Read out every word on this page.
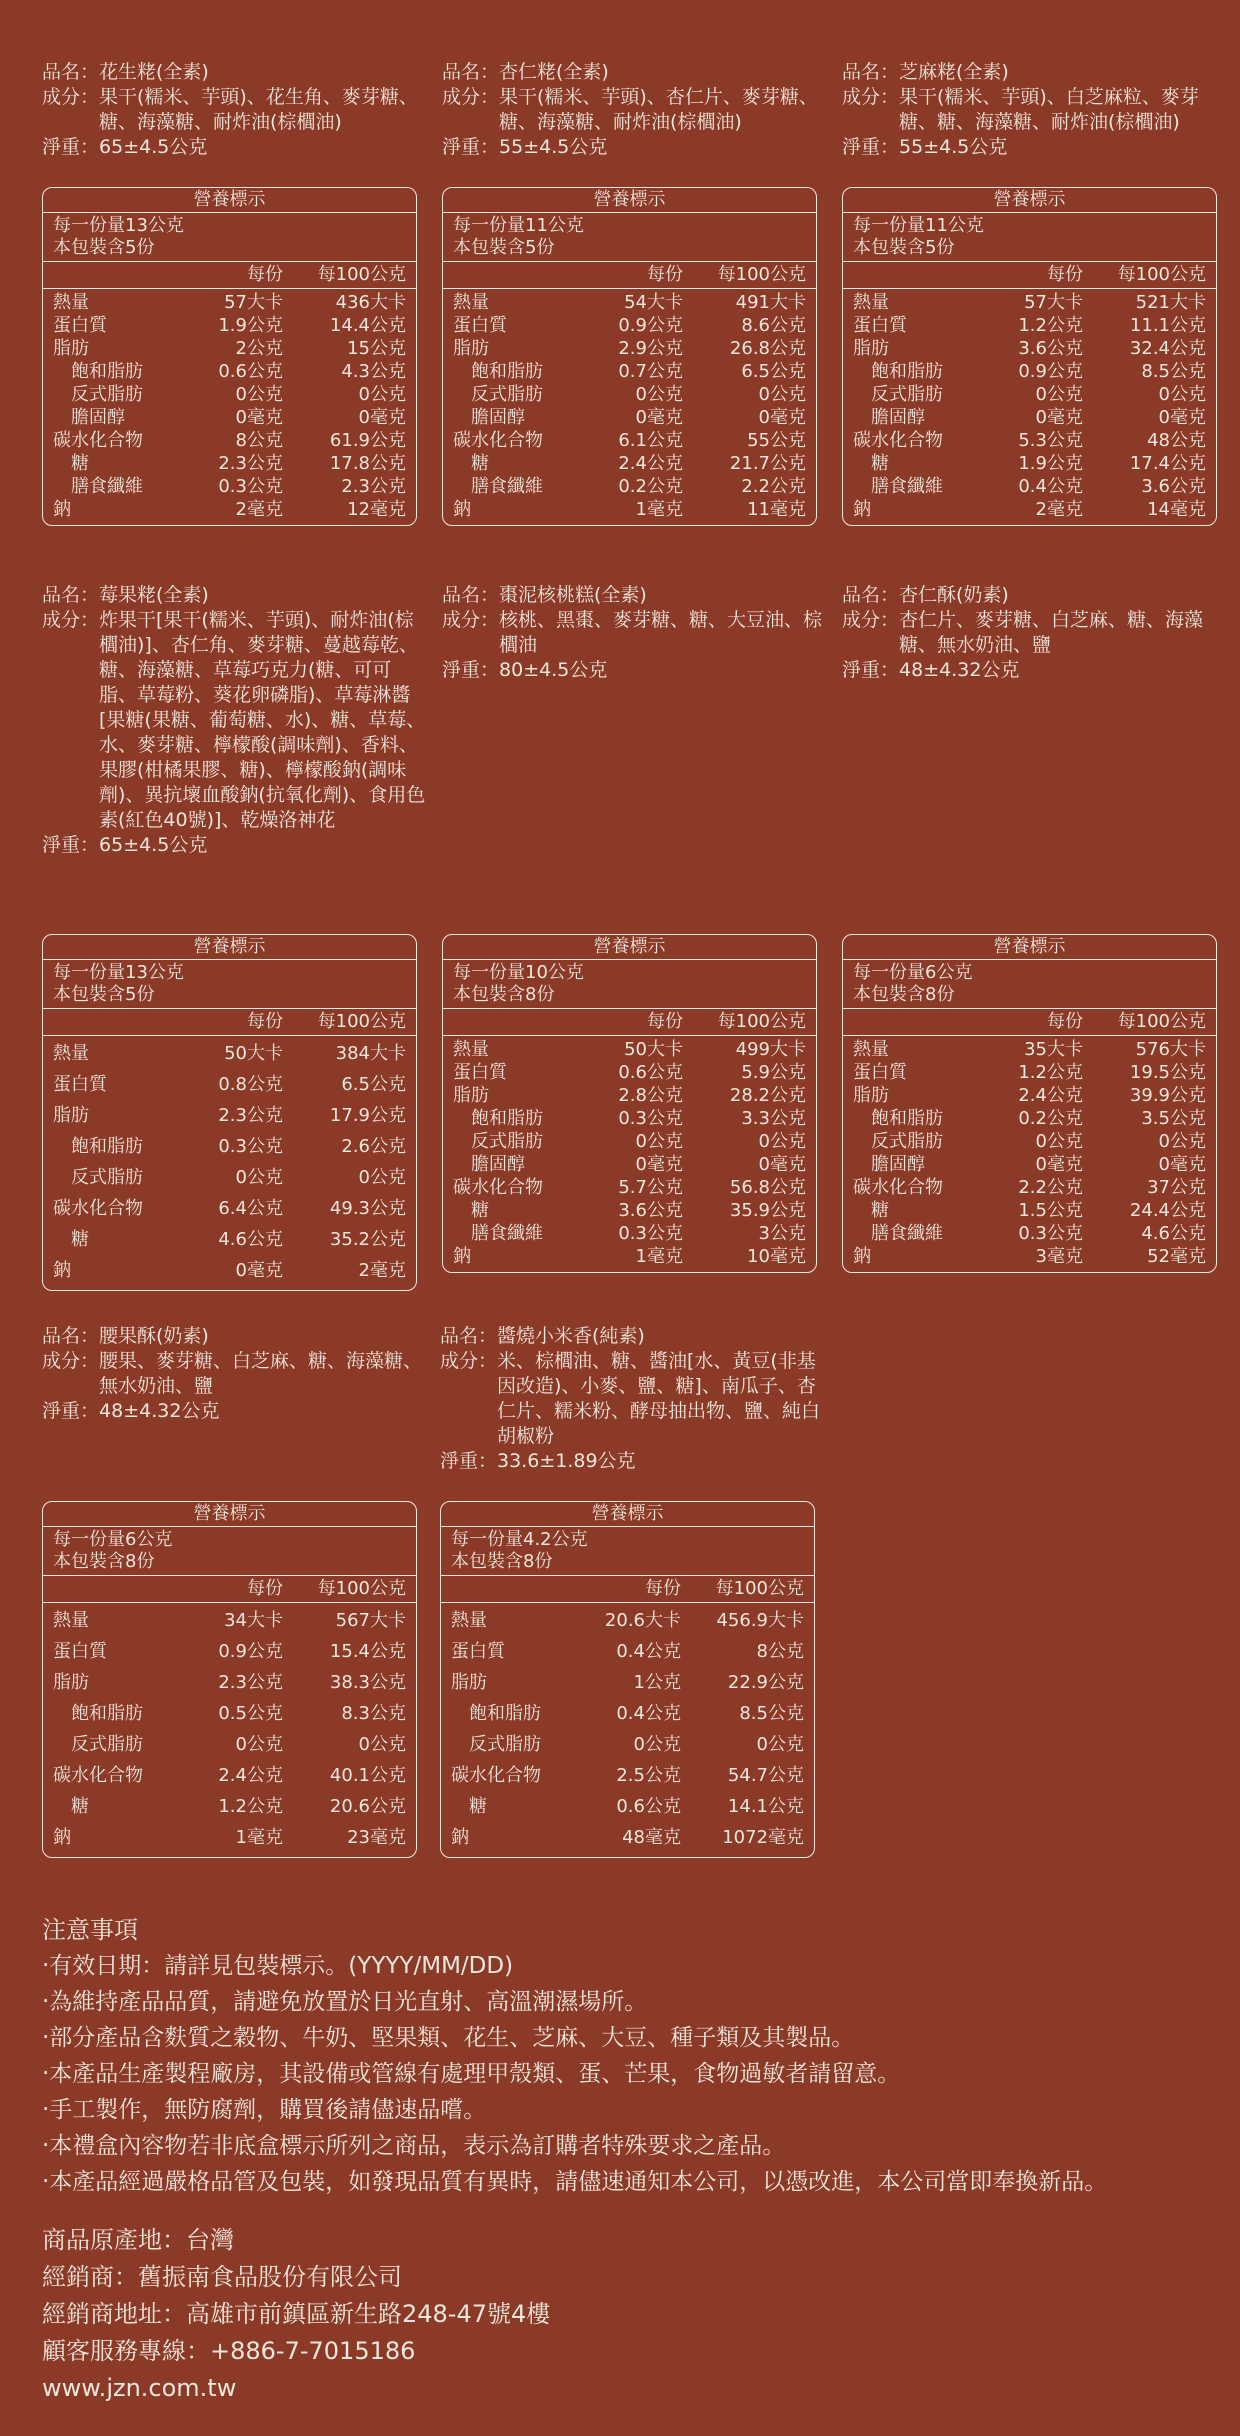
品名： 花生粩(全素)
成分： 果干(糯米、芋頭)、花生角、麥芽糖、糖、海藻糖、耐炸油(棕櫚油)
淨重： 65±4.5公克
營養標示
每一份量13公克
本包裝含5份
每份	每100公克
熱量	57大卡	436大卡
蛋白質	1.9公克	14.4公克
脂肪	2公克	15公克
飽和脂肪	0.6公克	4.3公克
反式脂肪	0公克	0公克
膽固醇	0毫克	0毫克
碳水化合物	8公克	61.9公克
糖	2.3公克	17.8公克
膳食纖維	0.3公克	2.3公克
鈉	2毫克	12毫克
品名： 杏仁粩(全素)
成分： 果干(糯米、芋頭)、杏仁片、麥芽糖、糖、海藻糖、耐炸油(棕櫚油)
淨重： 55±4.5公克
營養標示
每一份量11公克
本包裝含5份
每份	每100公克
熱量	54大卡	491大卡
蛋白質	0.9公克	8.6公克
脂肪	2.9公克	26.8公克
飽和脂肪	0.7公克	6.5公克
反式脂肪	0公克	0公克
膽固醇	0毫克	0毫克
碳水化合物	6.1公克	55公克
糖	2.4公克	21.7公克
膳食纖維	0.2公克	2.2公克
鈉	1毫克	11毫克
品名： 芝麻粩(全素)
成分： 果干(糯米、芋頭)、白芝麻粒、麥芽糖、糖、海藻糖、耐炸油(棕櫚油)
淨重： 55±4.5公克
營養標示
每一份量11公克
本包裝含5份
每份	每100公克
熱量	57大卡	521大卡
蛋白質	1.2公克	11.1公克
脂肪	3.6公克	32.4公克
飽和脂肪	0.9公克	8.5公克
反式脂肪	0公克	0公克
膽固醇	0毫克	0毫克
碳水化合物	5.3公克	48公克
糖	1.9公克	17.4公克
膳食纖維	0.4公克	3.6公克
鈉	2毫克	14毫克
品名： 莓果粩(全素)
成分： 炸果干[果干(糯米、芋頭)、耐炸油(棕櫚油)]、杏仁角、麥芽糖、蔓越莓乾、糖、海藻糖、草莓巧克力(糖、可可脂、草莓粉、葵花卵磷脂)、草莓淋醬[果糖(果糖、葡萄糖、水)、糖、草莓、水、麥芽糖、檸檬酸(調味劑)、香料、果膠(柑橘果膠、糖)、檸檬酸鈉(調味劑)、異抗壞血酸鈉(抗氧化劑)、食用色素(紅色40號)]、乾燥洛神花
淨重： 65±4.5公克
營養標示
每一份量13公克
本包裝含5份
每份	每100公克
熱量	50大卡	384大卡
蛋白質	0.8公克	6.5公克
脂肪	2.3公克	17.9公克
飽和脂肪	0.3公克	2.6公克
反式脂肪	0公克	0公克
碳水化合物	6.4公克	49.3公克
糖	4.6公克	35.2公克
鈉	0毫克	2毫克
品名： 棗泥核桃糕(全素)
成分： 核桃、黑棗、麥芽糖、糖、大豆油、棕櫚油
淨重： 80±4.5公克
營養標示
每一份量10公克
本包裝含8份
每份	每100公克
熱量	50大卡	499大卡
蛋白質	0.6公克	5.9公克
脂肪	2.8公克	28.2公克
飽和脂肪	0.3公克	3.3公克
反式脂肪	0公克	0公克
膽固醇	0毫克	0毫克
碳水化合物	5.7公克	56.8公克
糖	3.6公克	35.9公克
膳食纖維	0.3公克	3公克
鈉	1毫克	10毫克
品名： 杏仁酥(奶素)
成分： 杏仁片、麥芽糖、白芝麻、糖、海藻糖、無水奶油、鹽
淨重： 48±4.32公克
營養標示
每一份量6公克
本包裝含8份
每份	每100公克
熱量	35大卡	576大卡
蛋白質	1.2公克	19.5公克
脂肪	2.4公克	39.9公克
飽和脂肪	0.2公克	3.5公克
反式脂肪	0公克	0公克
膽固醇	0毫克	0毫克
碳水化合物	2.2公克	37公克
糖	1.5公克	24.4公克
膳食纖維	0.3公克	4.6公克
鈉	3毫克	52毫克
品名： 腰果酥(奶素)
成分： 腰果、麥芽糖、白芝麻、糖、海藻糖、無水奶油、鹽
淨重： 48±4.32公克
營養標示
每一份量6公克
本包裝含8份
每份	每100公克
熱量	34大卡	567大卡
蛋白質	0.9公克	15.4公克
脂肪	2.3公克	38.3公克
飽和脂肪	0.5公克	8.3公克
反式脂肪	0公克	0公克
碳水化合物	2.4公克	40.1公克
糖	1.2公克	20.6公克
鈉	1毫克	23毫克
品名： 醬燒小米香(純素)
成分： 米、棕櫚油、糖、醬油[水、黃豆(非基因改造)、小麥、鹽、糖]、南瓜子、杏仁片、糯米粉、酵母抽出物、鹽、純白胡椒粉
淨重： 33.6±1.89公克
營養標示
每一份量4.2公克
本包裝含8份
每份	每100公克
熱量	20.6大卡	456.9大卡
蛋白質	0.4公克	8公克
脂肪	1公克	22.9公克
飽和脂肪	0.4公克	8.5公克
反式脂肪	0公克	0公克
碳水化合物	2.5公克	54.7公克
糖	0.6公克	14.1公克
鈉	48毫克	1072毫克
注意事項
‧有效日期：請詳見包裝標示。(YYYY/MM/DD)
‧為維持產品品質，請避免放置於日光直射、高溫潮濕場所。
‧部分產品含麩質之穀物、牛奶、堅果類、花生、芝麻、大豆、種子類及其製品。
‧本產品生產製程廠房，其設備或管線有處理甲殼類、蛋、芒果，食物過敏者請留意。
‧手工製作，無防腐劑，購買後請儘速品嚐。
‧本禮盒內容物若非底盒標示所列之商品，表示為訂購者特殊要求之產品。
‧本產品經過嚴格品管及包裝，如發現品質有異時，請儘速通知本公司，以憑改進，本公司當即奉換新品。
商品原產地：台灣
經銷商：舊振南食品股份有限公司
經銷商地址：高雄市前鎮區新生路248-47號4樓
顧客服務專線：+886-7-7015186
www.jzn.com.tw
